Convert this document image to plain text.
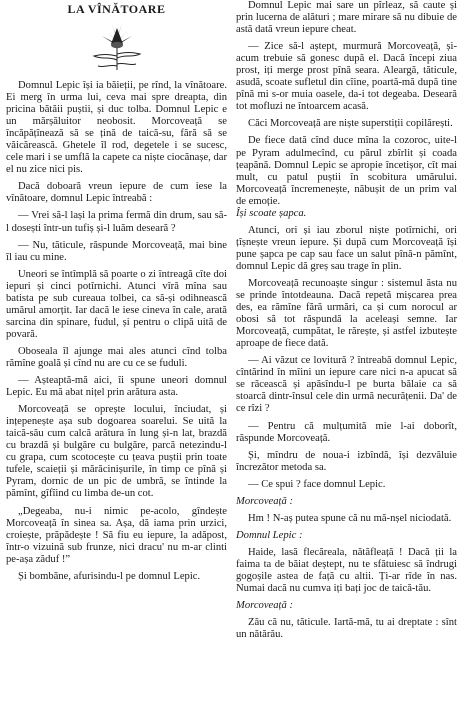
LA VÎNĂTOARE

Domnul Lepic își ia băieții, pe rînd, la vînătoare. Ei merg în urma lui, ceva mai spre dreapta, din pricina bătăii puștii, și duc tolba. Domnul Lepic e un mărșăluitor neobosit. Morcoveață se încăpățînează să se țină de taică-su, fără să se văicărească. Ghetele îl rod, degetele i se sucesc, cele mari i se umflă la capete ca niște ciocănașe, dar el nu zice nici pis.

Dacă doboară vreun iepure de cum iese la vînătoare, domnul Lepic întreabă :

— Vrei să-l lași la prima fermă din drum, sau să-l dosești într-un tufiș și-l luăm deseară ?

— Nu, tăticule, răspunde Morcoveață, mai bine îl iau cu mine.

Uneori se întîmplă să poarte o zi întreagă cîte doi iepuri și cinci potîrnichi. Atunci vîră mîna sau batista pe sub cureaua tolbei, ca să-și odihnească umărul amorțit. Iar dacă le iese cineva în cale, arată sarcina din spinare, fudul, și pentru o clipă uită de povară.

Oboseala îl ajunge mai ales atunci cînd tolba rămîne goală și cînd nu are cu ce se fuduli.

— Așteaptă-mă aici, îi spune uneori domnul Lepic. Eu mă abat nițel prin arătura asta.

Morcoveață se oprește locului, înciudat, și ințepenește așa sub dogoarea soarelui. Se uită la taică-său cum calcă arătura în lung și-n lat, brazdă cu brazdă și bulgăre cu bulgăre, parcă netezindu-l cu grapa, cum scotocește cu țeava puștii prin toate tufele, scaieții și mărăcinișurile, în timp ce pînă și Pyram, dornic de un pic de umbră, se întinde la pămînt, gîfîind cu limba de-un cot.

„Degeaba, nu-i nimic pe-acolo, gîndește Morcoveață în sinea sa. Așa, dă iama prin urzici, croiește, prăpădește ! Să fiu eu iepure, la adăpost, într-o vizuină sub frunze, nici dracu' nu m-ar clinti pe-așa zăduf !”

Și bombăne, afurisindu-l pe domnul Lepic.

Domnul Lepic mai sare un pîrleaz, să caute și prin lucerna de alături ; mare mirare să nu dibuie de astă dată vreun iepure cheat.

— Zice să-l aștept, murmură Morcoveață, și-acum trebuie să gonesc după el. Dacă începi ziua prost, iți merge prost pînă seara. Aleargă, tăticule, asudă, scoate sufletul din cîine, poartă-mă după tine pînă mi s-or muia oasele, da-i tot degeaba. Deseară tot mofluzi ne întoarcem acasă.

Căci Morcoveață are niște superstiții copilărești.

De fiece dată cînd duce mîna la cozoroc, uite-l pe Pyram adulmecînd, cu părul zbîrlit și coada țeapănă. Domnul Lepic se apropie încetișor, cît mai mult, cu patul puștii în scobitura umărului. Morcoveață încremenește, năbușit de un prim val de emoție.

Își scoate șapca.

Atunci, ori și iau zborul niște potîrnichi, ori țîșnește vreun iepure. Și după cum Morcoveață își pune șapca pe cap sau face un salut pînă-n pămînt, domnul Lepic dă greș sau trage în plin.

Morcoveață recunoaște singur : sistemul ăsta nu se prinde întotdeauna. Dacă repetă mișcarea prea des, ea rămîne fără urmări, ca și cum norocul ar obosi să tot răspundă la aceleași semne. Iar Morcoveață, cumpătat, le rărește, și astfel izbutește aproape de fiece dată.

— Ai văzut ce lovitură ? întreabă domnul Lepic, cîntărind în mîini un iepure care nici n-a apucat să se răcească și apăsîndu-l pe burta bălaie ca să stoarcă dintr-însul cele din urmă necurățenii. Da' de ce rîzi ?

— Pentru că mulțumită mie l-ai doborît, răspunde Morcoveață.

Și, mîndru de noua-i izbîndă, își dezvăluie încrezător metoda sa.

— Ce spui ? face domnul Lepic.

Morcoveață :

Hm ! N-aș putea spune că nu mă-nșel niciodată.

Domnul Lepic :

Haide, lasă flecăreala, nătăfleață ! Dacă ții la faima ta de băiat deștept, nu te sfătuiesc să îndrugi gogoșile astea de față cu altii. Ți-ar rîde în nas. Numai dacă nu cumva iți bați joc de taică-tău.

Morcoveață :

Zău că nu, tăticule. Iartă-mă, tu ai dreptate : sînt un nătărău.
